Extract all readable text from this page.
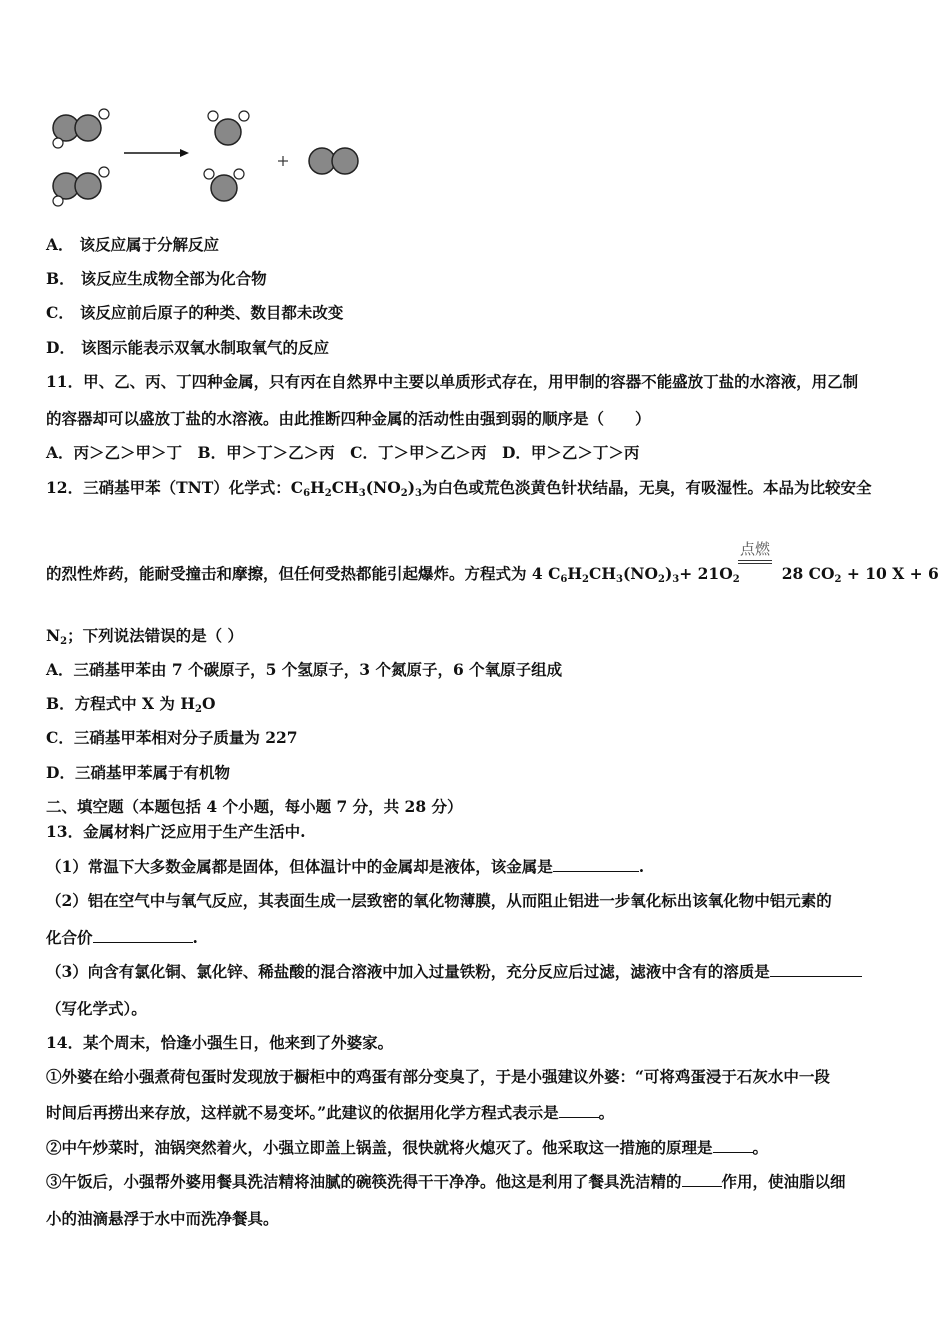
A． 该反应属于分解反应
B． 该反应生成物全部为化合物
C． 该反应前后原子的种类、数目都未改变
D． 该图示能表示双氧水制取氧气的反应
11．甲、乙、丙、丁四种金属，只有丙在自然界中主要以单质形式存在，用甲制的容器不能盛放丁盐的水溶液，用乙制
的容器却可以盛放丁盐的水溶液。由此推断四种金属的活动性由强到弱的顺序是（　　）
A．丙＞乙＞甲＞丁　B．甲＞丁＞乙＞丙　C．丁＞甲＞乙＞丙　D．甲＞乙＞丁＞丙
12．三硝基甲苯（TNT）化学式：$C_6H_2CH_3(NO_2)_3$为白色或荒色淡黄色针状结晶，无臭，有吸湿性。本品为比较安全
点燃
的烈性炸药，能耐受撞击和摩擦，但任何受热都能引起爆炸。方程式为 4 $C_6H_2CH_3(NO_2)_3+ 21O_2$	28 $CO_2 + 10$ X + 6
$N_2$；下列说法错误的是（ ）
A．三硝基甲苯由 7 个碳原子，5 个氢原子，3 个氮原子，6 个氧原子组成
B．方程式中 X 为 $H_2O$
C．三硝基甲苯相对分子质量为 227
D．三硝基甲苯属于有机物
二、填空题（本题包括 4 个小题，每小题 7 分，共 28 分）
13．金属材料广泛应用于生产生活中.
（1）常温下大多数金属都是固体，但体温计中的金属却是液体，该金属是	.
（2）铝在空气中与氧气反应，其表面生成一层致密的氧化物薄膜，从而阻止铝进一步氧化标出该氧化物中铝元素的
化合价	.
（3）向含有氯化铜、氯化锌、稀盐酸的混合溶液中加入过量铁粉，充分反应后过滤，滤液中含有的溶质是
（写化学式）。
14．某个周末，恰逢小强生日，他来到了外婆家。
①外婆在给小强煮荷包蛋时发现放于橱柜中的鸡蛋有部分变臭了，于是小强建议外婆：“可将鸡蛋浸于石灰水中一段
时间后再捞出来存放，这样就不易变坏。”此建议的依据用化学方程式表示是	。
②中午炒菜时，油锅突然着火，小强立即盖上锅盖，很快就将火熄灭了。他采取这一措施的原理是	。
③午饭后，小强帮外婆用餐具洗洁精将油腻的碗筷洗得干干净净。他这是利用了餐具洗洁精的	作用，使油脂以细
小的油滴悬浮于水中而洗净餐具。
